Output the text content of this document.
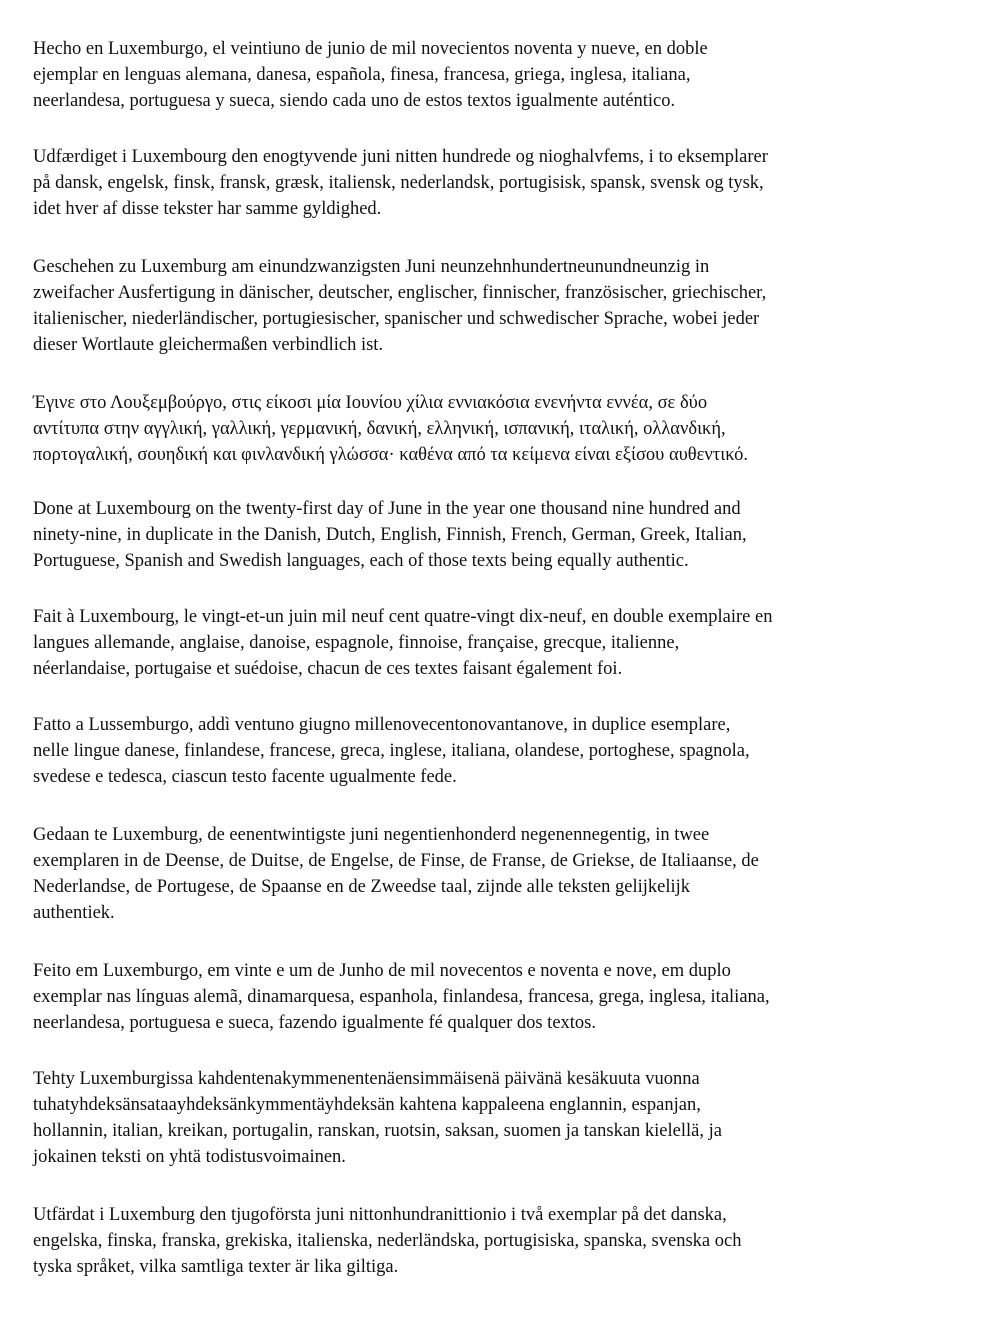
Hecho en Luxemburgo, el veintiuno de junio de mil novecientos noventa y nueve, en doble
ejemplar en lenguas alemana, danesa, española, finesa, francesa, griega, inglesa, italiana,
neerlandesa, portuguesa y sueca, siendo cada uno de estos textos igualmente auténtico.

Udfærdiget i Luxembourg den enogtyvende juni nitten hundrede og nioghalvfems, i to eksemplarer
på dansk, engelsk, finsk, fransk, græsk, italiensk, nederlandsk, portugisisk, spansk, svensk og tysk,
idet hver af disse tekster har samme gyldighed.

Geschehen zu Luxemburg am einundzwanzigsten Juni neunzehnhundertneunundneunzig in
zweifacher Ausfertigung in dänischer, deutscher, englischer, finnischer, französischer, griechischer,
italienischer, niederländischer, portugiesischer, spanischer und schwedischer Sprache, wobei jeder
dieser Wortlaute gleichermaßen verbindlich ist.

Έγινε στο Λουξεμβούργο, στις είκοσι μία Ιουνίου χίλια εννιακόσια ενενήντα εννέα, σε δύο
αντίτυπα στην αγγλική, γαλλική, γερμανική, δανική, ελληνική, ισπανική, ιταλική, ολλανδική,
πορτογαλική, σουηδική και φινλανδική γλώσσα· καθένα από τα κείμενα είναι εξίσου αυθεντικό.

Done at Luxembourg on the twenty-first day of June in the year one thousand nine hundred and
ninety-nine, in duplicate in the Danish, Dutch, English, Finnish, French, German, Greek, Italian,
Portuguese, Spanish and Swedish languages, each of those texts being equally authentic.

Fait à Luxembourg, le vingt-et-un juin mil neuf cent quatre-vingt dix-neuf, en double exemplaire en
langues allemande, anglaise, danoise, espagnole, finnoise, française, grecque, italienne,
néerlandaise, portugaise et suédoise, chacun de ces textes faisant également foi.

Fatto a Lussemburgo, addì ventuno giugno millenovecentonovantanove, in duplice esemplare,
nelle lingue danese, finlandese, francese, greca, inglese, italiana, olandese, portoghese, spagnola,
svedese e tedesca, ciascun testo facente ugualmente fede.

Gedaan te Luxemburg, de eenentwintigste juni negentienhonderd negenennegentig, in twee
exemplaren in de Deense, de Duitse, de Engelse, de Finse, de Franse, de Griekse, de Italiaanse, de
Nederlandse, de Portugese, de Spaanse en de Zweedse taal, zijnde alle teksten gelijkelijk
authentiek.

Feito em Luxemburgo, em vinte e um de Junho de mil novecentos e noventa e nove, em duplo
exemplar nas línguas alemã, dinamarquesa, espanhola, finlandesa, francesa, grega, inglesa, italiana,
neerlandesa, portuguesa e sueca, fazendo igualmente fé qualquer dos textos.

Tehty Luxemburgissa kahdentenakymmenentenäensimmäisenä päivänä kesäkuuta vuonna
tuhatyhdeksänsataayhdeksänkymmentäyhdeksän kahtena kappaleena englannin, espanjan,
hollannin, italian, kreikan, portugalin, ranskan, ruotsin, saksan, suomen ja tanskan kielellä, ja
jokainen teksti on yhtä todistusvoimainen.

Utfärdat i Luxemburg den tjugoförsta juni nittonhundranittionio i två exemplar på det danska,
engelska, finska, franska, grekiska, italienska, nederländska, portugisiska, spanska, svenska och
tyska språket, vilka samtliga texter är lika giltiga.
